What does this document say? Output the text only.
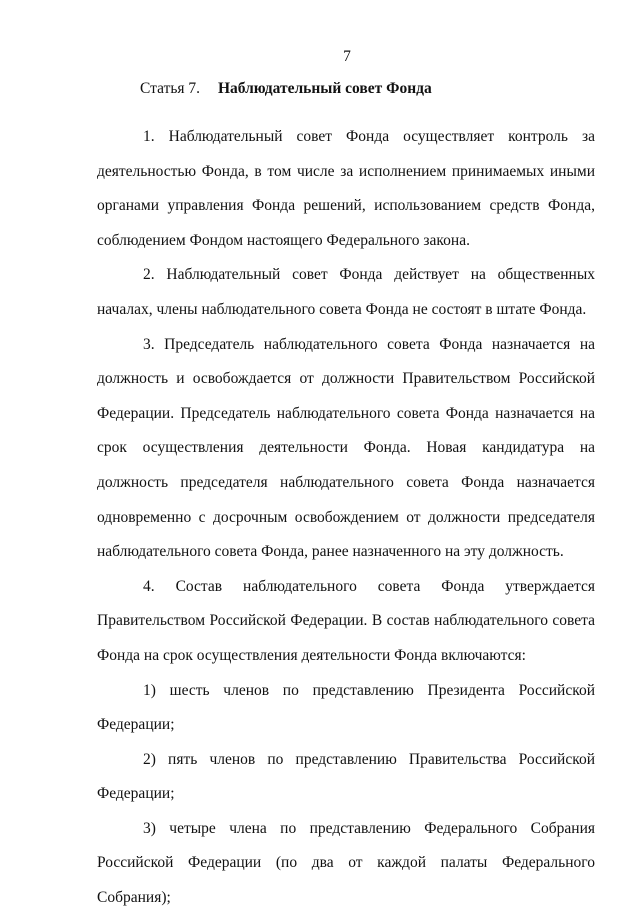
7
Статья 7. Наблюдательный совет Фонда

1. Наблюдательный совет Фонда осуществляет контроль за деятельностью Фонда, в том числе за исполнением принимаемых иными органами управления Фонда решений, использованием средств Фонда, соблюдением Фондом настоящего Федерального закона.

2. Наблюдательный совет Фонда действует на общественных началах, члены наблюдательного совета Фонда не состоят в штате Фонда.

3. Председатель наблюдательного совета Фонда назначается на должность и освобождается от должности Правительством Российской Федерации. Председатель наблюдательного совета Фонда назначается на срок осуществления деятельности Фонда. Новая кандидатура на должность председателя наблюдательного совета Фонда назначается одновременно с досрочным освобождением от должности председателя наблюдательного совета Фонда, ранее назначенного на эту должность.

4. Состав наблюдательного совета Фонда утверждается Правительством Российской Федерации. В состав наблюдательного совета Фонда на срок осуществления деятельности Фонда включаются:

1) шесть членов по представлению Президента Российской Федерации;

2) пять членов по представлению Правительства Российской Федерации;

3) четыре члена по представлению Федерального Собрания Российской Федерации (по два от каждой палаты Федерального Собрания);
